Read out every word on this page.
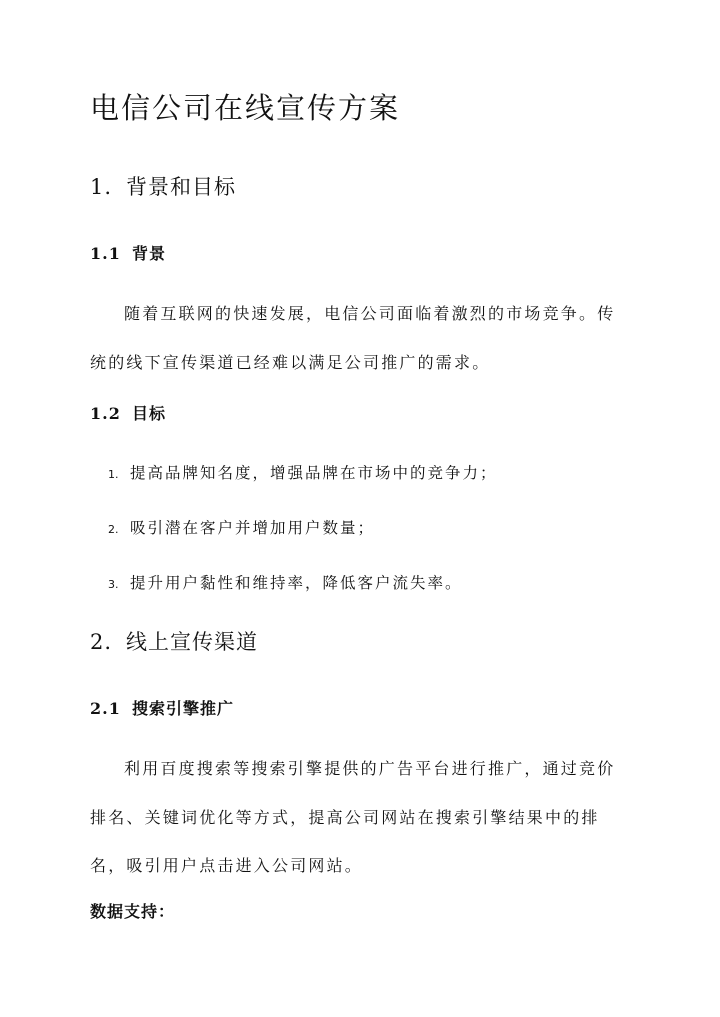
电信公司在线宣传方案
1. 背景和目标
1.1 背景

随着互联网的快速发展，电信公司面临着激烈的市场竞争。传统的线下宣传渠道已经难以满足公司推广的需求。

1.2 目标
1. 提高品牌知名度，增强品牌在市场中的竞争力；
2. 吸引潜在客户并增加用户数量；
3. 提升用户黏性和维持率，降低客户流失率。
2. 线上宣传渠道
2.1 搜索引擎推广

利用百度搜索等搜索引擎提供的广告平台进行推广，通过竞价排名、关键词优化等方式，提高公司网站在搜索引擎结果中的排名，吸引用户点击进入公司网站。

数据支持：
